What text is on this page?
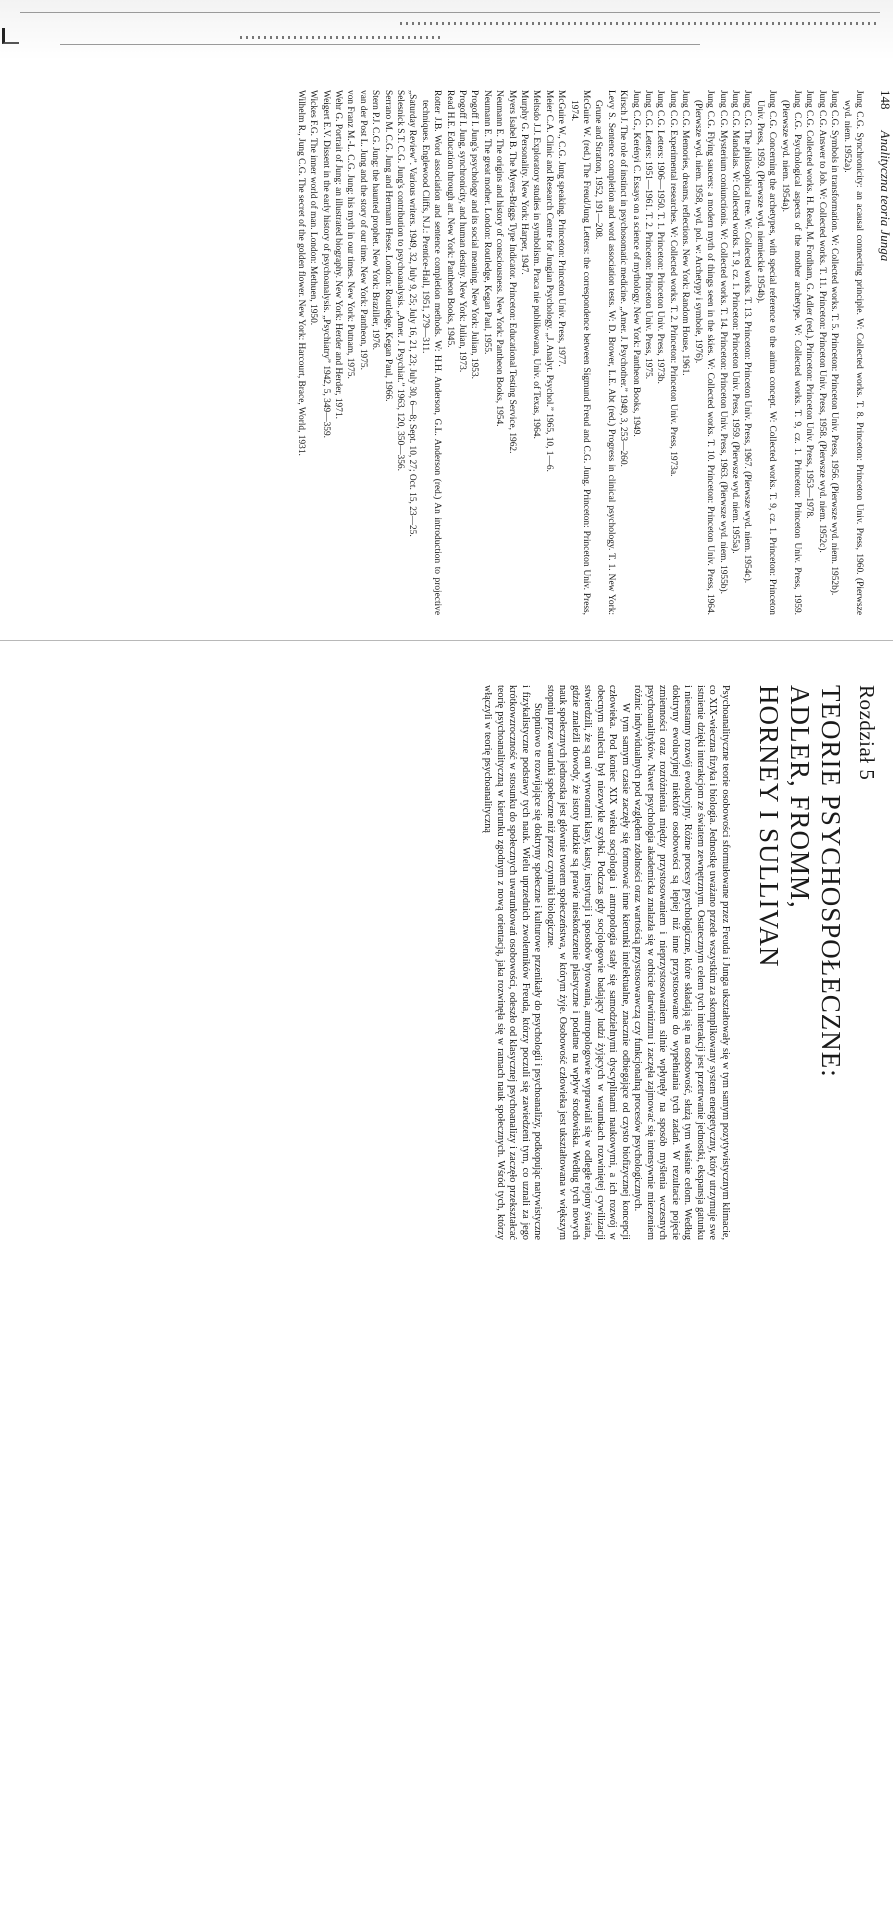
148 Analityczna teoria Junga
Jung C.G. Synchronicity: an acausal connecting principle. W: Collected works. T. 8. Princeton: Princeton Univ. Press, 1960. (Pierwsze wyd. niem. 1952a).
Jung C.G. Symbols in transformation. W: Collected works. T. 5. Princeton: Princeton Univ. Press, 1956. (Pierwsze wyd. niem. 1952b).
Jung C.G. Answer to Job. W: Collected works. T. 11. Princeton: Princeton Univ. Press, 1958. (Pierwsze wyd. niem. 1952c).
Jung C.G. Collected works. H. Read, M. Fordham, G. Adler (red.). Princeton: Princeton Univ. Press, 1953—1978.
Jung C.G. Psychological aspects of the mother archetype. W: Collected works. T. 9, cz. 1. Princeton: Princeton Univ. Press, 1959. (Pierwsze wyd. niem. 1954a).
Jung C.G. Concerning the archetypes, with special reference to the anima concept. W: Collected works. T. 9, cz. 1. Princeton: Princeton Univ. Press, 1959. (Pierwsze wyd. niemieckie 1954b).
Jung C.G. The philosophical tree. W: Collected works. T. 13. Princeton: Princeton Univ. Press, 1967. (Pierwsze wyd. niem. 1954c).
Jung C.G. Mandalas. W: Collected works. T. 9, cz. 1. Princeton: Princeton Univ. Press, 1959. (Pierwsze wyd. niem. 1955a).
Jung C.G. Mysterium coniunctionis. W: Collected works. T. 14. Princeton: Princeton Univ. Press, 1963. (Pierwsze wyd. niem. 1955b).
Jung C.G. Flying saucers: a modern myth of things seen in the skies. W: Collected works. T. 10. Princeton: Princeton Univ. Press, 1964. (Pierwsze wyd. niem. 1958, wyd. pol. w: Archetypy i symbole, 1976).
Jung C.G. Memories, dreams, reflections. New York: Random House, 1961.
Jung C.G. Experimental researches. W: Collected works. T. 2. Princeton: Princeton Univ. Press, 1973a.
Jung C.G. Letters: 1906—1950. T. 1. Princeton: Princeton Univ. Press, 1973b.
Jung C.G. Letters: 1951—1961. T. 2. Princeton: Princeton Univ. Press, 1975.
Jung C.G., Kerényi C. Essays on a science of mythology. New York: Pantheon Books, 1949.
Kirsch J. The role of instinct in psychosomatic medicine. „Amer. J. Psychother.” 1949, 3, 253—260.
Levy S. Sentence completion and word association tests. W: D. Brower, L.E. Abt (red.) Progress in clinical psychology. T. 1. New York: Grune and Stratton, 1952, 191—208.
McGuire W. (red.) The Freud/Jung Letters: the correspondence between Sigmund Freud and C.G. Jung. Princeton: Princeton Univ. Press, 1974.
McGuire W., C.G. Jung speaking. Princeton: Princeton Univ. Press, 1977.
Meier C.A. Clinic and Research Centre for Jungian Psychology. „J. Analyt. Psychol.” 1965, 10, 1—6.
Meltsdo J.J. Exploratory studies in symbolism. Praca nie publikowana, Univ. of Texas, 1964.
Murphy G. Personality. New York: Harper, 1947.
Myers Isabel B. The Myers-Briggs Type Indicator. Princeton: Educational Testing Service, 1962.
Neumann E. The origins and history of consciousness. New York: Pantheon Books, 1954.
Neumann E. The great mother. London: Routledge, Kegan Paul, 1955.
Progoff I. Jung's psychology and its social meaning. New York: Julian, 1953.
Progoff I. Jung, synchronicity, and human destiny. New York: Julian, 1973.
Read H.E. Education through art. New York: Pantheon Books, 1945.
Rotter J.B. Word association and sentence completion methods. W: H.H. Anderson, G.L. Anderson (red.) An introduction to projective techniques. Englewood Cliffs, N.J.: Prentice-Hall, 1951, 279—311.
„Saturday Review”. Various writers. 1949, 32, July 9, 25; July 16, 21, 23; July 30, 6—8; Sept. 10, 27; Oct. 15, 23—25.
Selesnick S.T. C.G. Jung's contribution to psychoanalysis. „Amer. J. Psychiat.” 1963, 120, 350—356.
Serrano M. C.G. Jung and Hermann Hesse. London: Routledge, Kegan Paul, 1966.
Stern P.J. C.G. Jung: the haunted prophet. New York: Braziller, 1976.
van der Post L. Jung and the story of our time. New York: Pantheon, 1975.
von Franz M.-L. C.G. Jung: his myth in our times. New York: Putnam, 1975.
Wehr G. Portrait of Jung: an illustrated biography. New York: Herder and Herder, 1971.
Weigert E.V. Dissent in the early history of psychoanalysis. „Psychiatry” 1942, 5, 349—359.
Wickes F.G. The inner world of man. London: Methuen, 1950.
Wilhelm R., Jung C.G. The secret of the golden flower. New York: Harcourt, Brace, World, 1931.
Rozdział 5
TEORIE PSYCHOSPOŁECZNE:
ADLER, FROMM,
HORNEY I SULLIVAN

Psychoanalityczne teorie osobowości sformułowane przez Freuda i Junga ukształtowały się w tym samym pozytywistycznym klimacie, co XIX-wieczna fizyka i biologia. Jednostkę uważano przede wszystkim za skomplikowany system energetyczny, który utrzymuje swe istnienie dzięki interakcjom ze światem zewnętrznym. Ostatecznym celem tych interakcji jest przetrwanie jednostki, ekspansja gatunku i nieustanny rozwój ewolucyjny. Różne procesy psychologiczne, które składają się na osobowość, służą tym właśnie celom. Według doktryny ewolucyjnej niektóre osobowości są lepiej niż inne przystosowane do wypełniania tych zadań. W rezultacie pojęcie zmienności oraz rozróżnienia między przystosowaniem i nieprzystosowaniem silnie wpłynęły na sposób myślenia wczesnych psychoanalityków. Nawet psychologia akademicka znalazła się w orbicie darwinizmu i zaczęła zajmować się intensywnie mierzeniem różnic indywidualnych pod względem zdolności oraz wartością przystosowawczą czy funkcjonalną procesów psychologicznych.

W tym samym czasie zaczęły się formować inne kierunki intelektualne, znacznie odbiegające od czysto biofizycznej koncepcji człowieka. Pod koniec XIX wieku socjologia i antropologia stały się samodzielnymi dyscyplinami naukowymi, a ich rozwój w obecnym stuleciu był niezwykle szybki. Podczas gdy socjologowie badający ludzi żyjących w warunkach rozwiniętej cywilizacji stwierdzili, że są oni wytworami klasy, kasty, instytucji i sposobów bytowania, antropologowie wyprawiali się w odległe rejony świata, gdzie znaleźli dowody, że istoty ludzkie są prawie nieskończenie plastyczne i podatne na wpływ środowiska. Według tych nowych nauk społecznych jednostka jest głównie tworem społeczeństwa, w którym żyje. Osobowość człowieka jest ukształtowana w większym stopniu przez warunki społeczne niż przez czynniki biologiczne.

Stopniowo te rozwijające się doktryny społeczne i kulturowe przenikały do psychologii i psychoanalizy, podkopując natywistyczne i fizykalistyczne podstawy tych nauk. Wielu uprzednich zwolenników Freuda, którzy poczuli się zawiedzeni tym, co uznali za jego krótkowzroczność w stosunku do społecznych uwarunkowań osobowości, odeszło od klasycznej psychoanalizy i zaczęło przekształcać teorię psychoanalityczną w kierunku zgodnym z nową orientacją, jaka rozwinęła się w ramach nauk społecznych. Wśród tych, którzy włączyli w teorię psychoanalityczną
